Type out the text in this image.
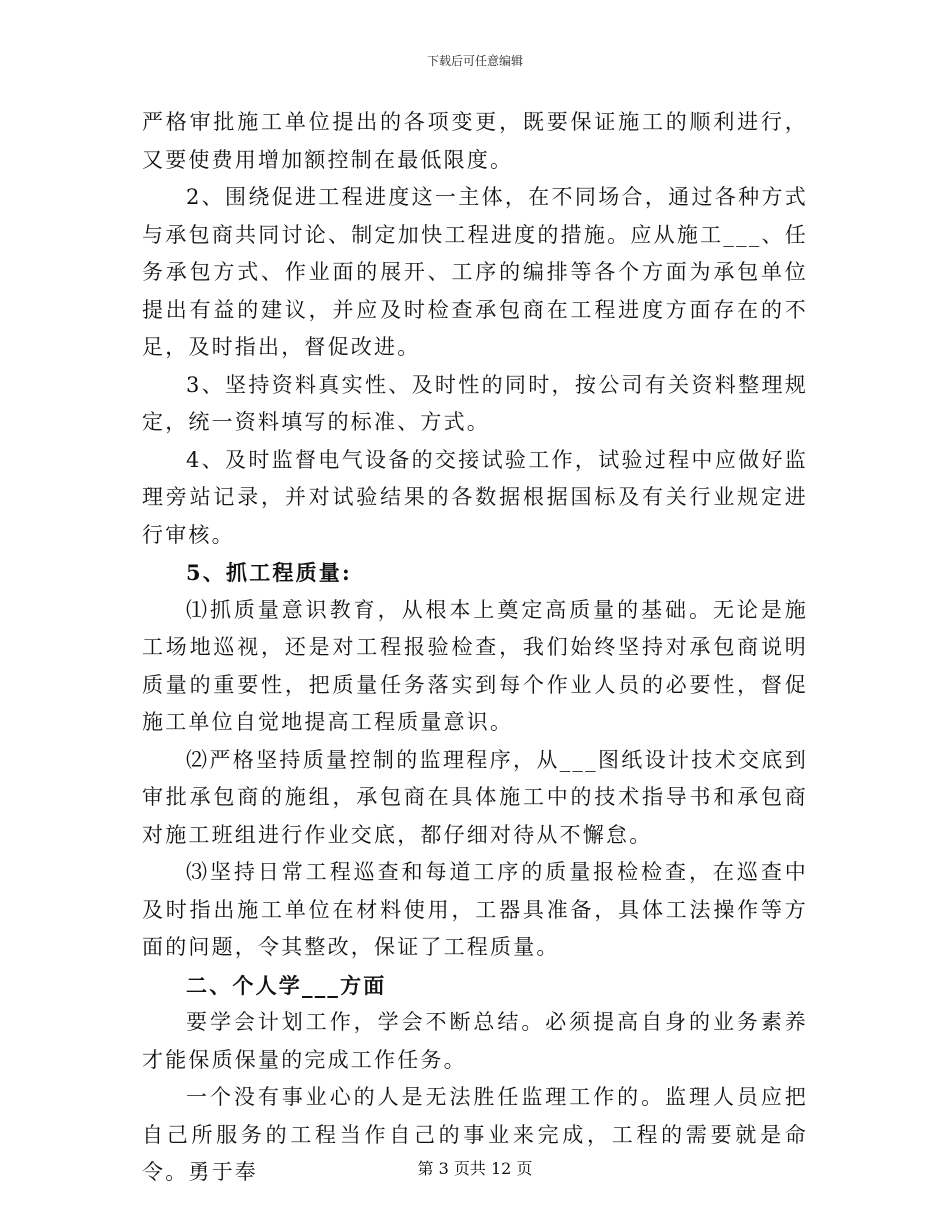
下载后可任意编辑

严格审批施工单位提出的各项变更，既要保证施工的顺利进行，又要使费用增加额控制在最低限度。

2、围绕促进工程进度这一主体，在不同场合，通过各种方式与承包商共同讨论、制定加快工程进度的措施。应从施工___、任务承包方式、作业面的展开、工序的编排等各个方面为承包单位提出有益的建议，并应及时检查承包商在工程进度方面存在的不足，及时指出，督促改进。

3、坚持资料真实性、及时性的同时，按公司有关资料整理规定，统一资料填写的标准、方式。

4、及时监督电气设备的交接试验工作，试验过程中应做好监理旁站记录，并对试验结果的各数据根据国标及有关行业规定进行审核。

5、抓工程质量:

⑴抓质量意识教育，从根本上奠定高质量的基础。无论是施工场地巡视，还是对工程报验检查，我们始终坚持对承包商说明质量的重要性，把质量任务落实到每个作业人员的必要性，督促施工单位自觉地提高工程质量意识。

⑵严格坚持质量控制的监理程序，从___图纸设计技术交底到审批承包商的施组，承包商在具体施工中的技术指导书和承包商对施工班组进行作业交底，都仔细对待从不懈怠。

⑶坚持日常工程巡查和每道工序的质量报检检查，在巡查中及时指出施工单位在材料使用，工器具准备，具体工法操作等方面的问题，令其整改，保证了工程质量。

二、个人学___方面

要学会计划工作，学会不断总结。必须提高自身的业务素养才能保质保量的完成工作任务。

一个没有事业心的人是无法胜任监理工作的。监理人员应把自己所服务的工程当作自己的事业来完成，工程的需要就是命令。勇于奉	第 3 页共 12 页
